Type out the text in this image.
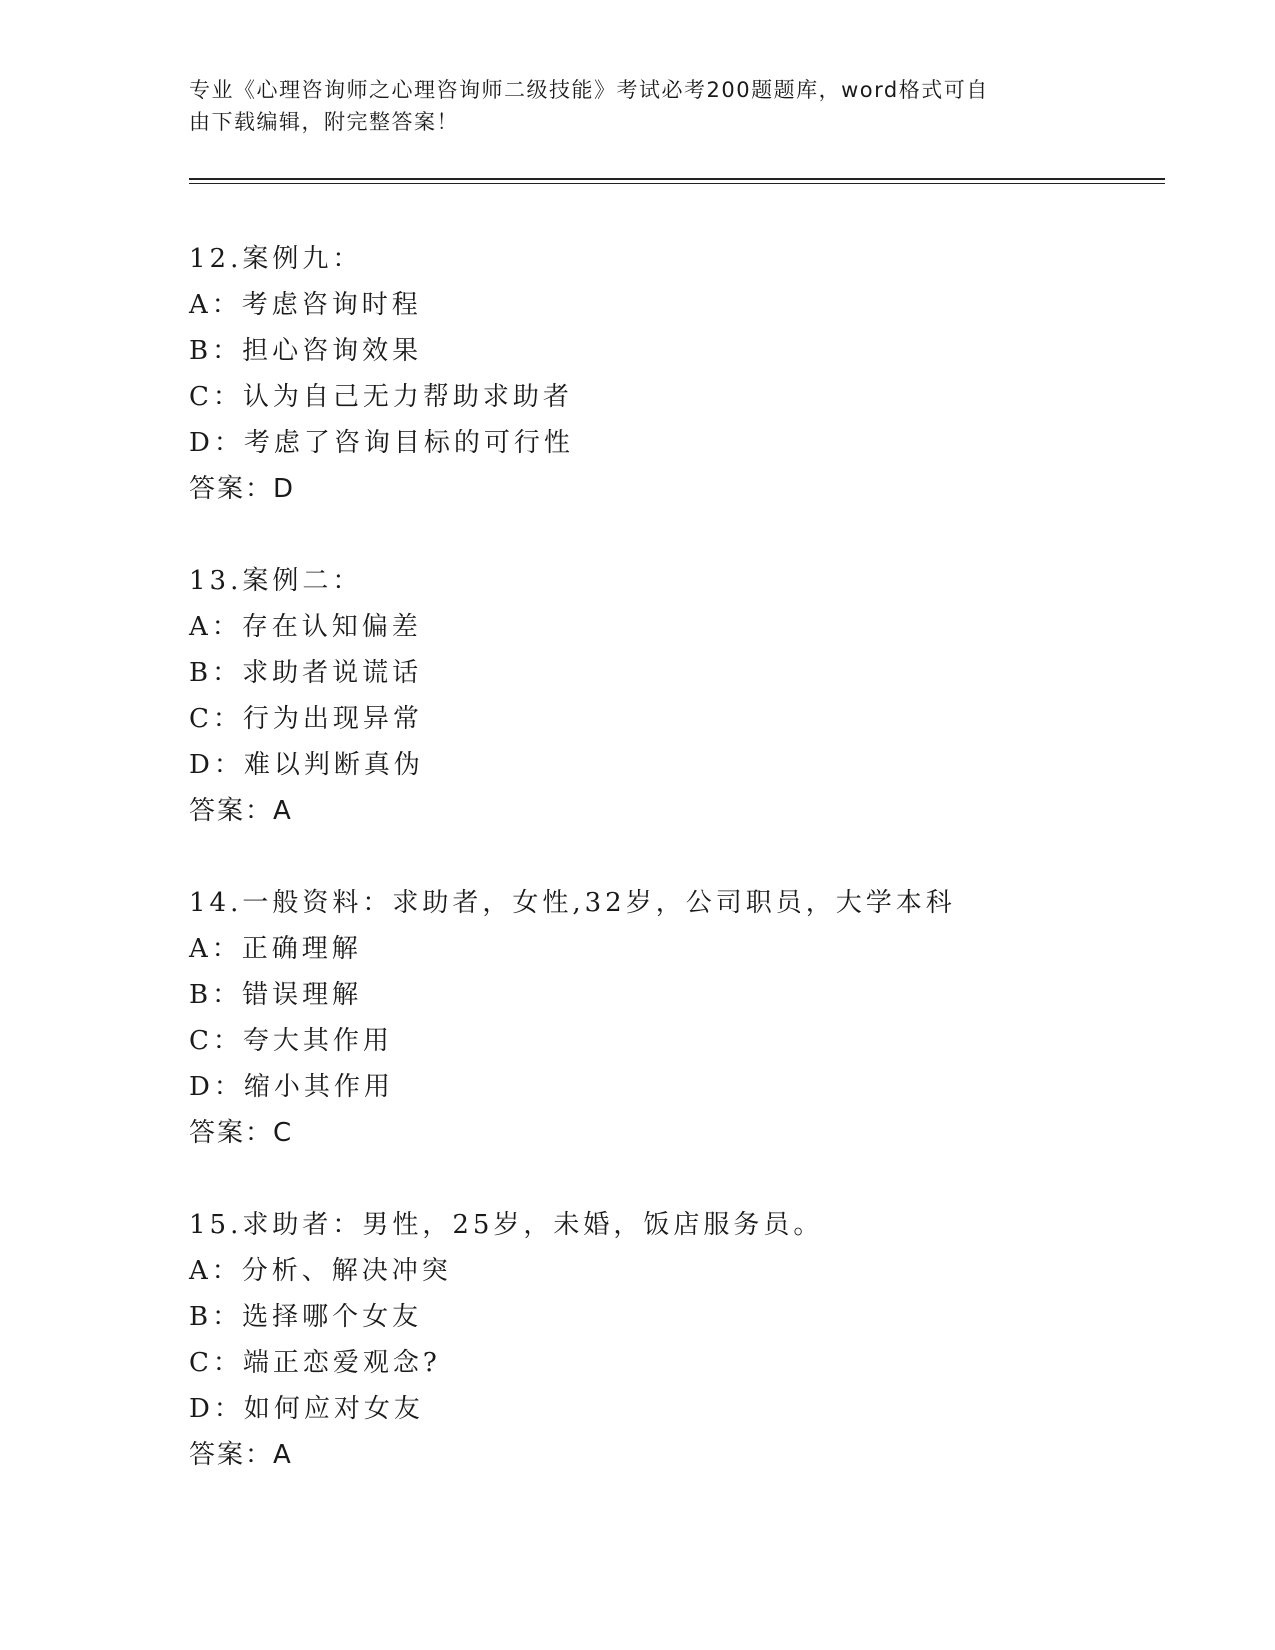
专业《心理咨询师之心理咨询师二级技能》考试必考200题题库，word格式可自
由下载编辑，附完整答案！
12.案例九：
A：考虑咨询时程
B：担心咨询效果
C：认为自己无力帮助求助者
D：考虑了咨询目标的可行性
答案：D
13.案例二：
A：存在认知偏差
B：求助者说谎话
C：行为出现异常
D：难以判断真伪
答案：A
14.一般资料：求助者，女性,32岁，公司职员，大学本科
A：正确理解
B：错误理解
C：夸大其作用
D：缩小其作用
答案：C
15.求助者：男性，25岁，未婚，饭店服务员。
A：分析、解决冲突
B：选择哪个女友
C：端正恋爱观念?
D：如何应对女友
答案：A
